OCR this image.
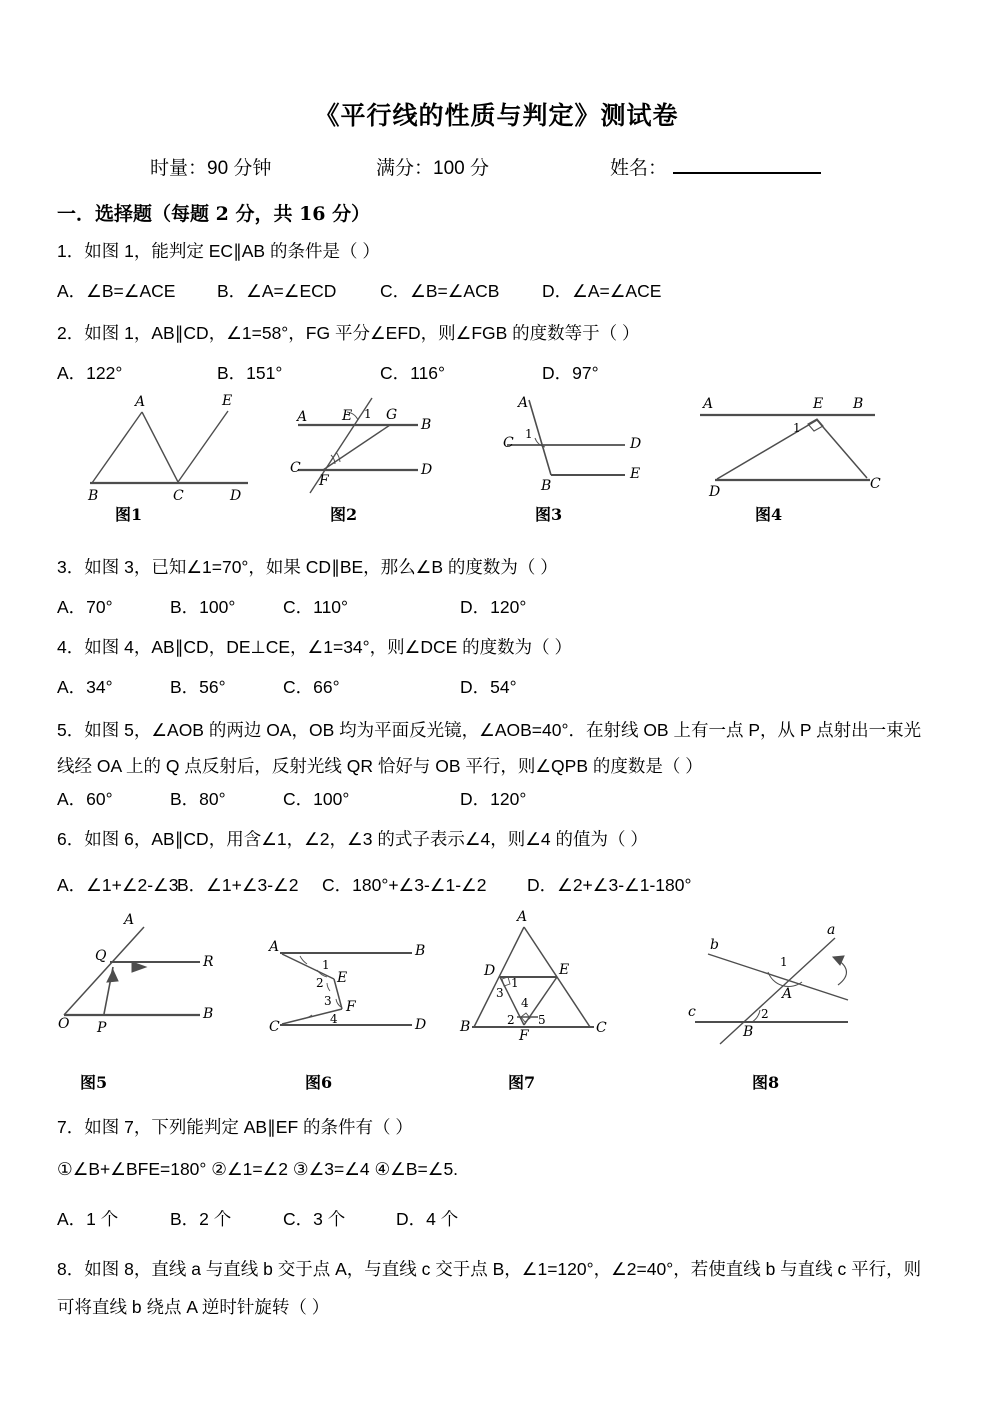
《平行线的性质与判定》测试卷
时量：90 分钟	满分：100 分	姓名：
一．选择题（每题 2 分，共 16 分）
1．如图 1，能判定 EC∥AB 的条件是（ ）
A．∠B=∠ACE	B．∠A=∠ECD	C．∠B=∠ACB	D．∠A=∠ACE
2．如图 1，AB∥CD，∠1=58°，FG 平分∠EFD，则∠FGB 的度数等于（ ）
A．122°	B．151°	C．116°	D．97°
A	E
B	C	D
图1
A E 1 G
B
C
F
D
图2
A
1
C	D
B
E
图3
A	E B
1
D	C
图4
3．如图 3，已知∠1=70°，如果 CD∥BE，那么∠B 的度数为（ ）
A．70°	B．100°	C．110°	D．120°
4．如图 4，AB∥CD，DE⊥CE，∠1=34°，则∠DCE 的度数为（ ）
A．34°	B．56°	C．66°	D．54°
5．如图 5，∠AOB 的两边 OA，OB 均为平面反光镜，∠AOB=40°．在射线 OB 上有一点 P，从 P 点射出一束光线经 OA 上的 Q 点反射后，反射光线 QR 恰好与 OB 平行，则∠QPB 的度数是（ ）
A．60°	B．80°	C．100°	D．120°
6．如图 6，AB∥CD，用含∠1，∠2，∠3 的式子表示∠4，则∠4 的值为（ ）
A．∠1+∠2-∠3
B．∠1+∠3-∠2	C．180°+∠3-∠1-∠2	D．∠2+∠3-∠1-180°
A
Q	R
O P
B
图5
A	B
1
E
2
3 F
C	4	D
图6
A
D	E
1
3
4
2 5
B
F	C
图7
a
b
1
A
c	2
B
图8
7．如图 7，下列能判定 AB∥EF 的条件有（ ）
①∠B+∠BFE=180° ②∠1=∠2 ③∠3=∠4 ④∠B=∠5.
A．1 个	B．2 个	C．3 个	D．4 个
8．如图 8，直线 a 与直线 b 交于点 A，与直线 c 交于点 B，∠1=120°，∠2=40°，若使直线 b 与直线 c 平行，则可将直线 b 绕点 A 逆时针旋转（ ）
